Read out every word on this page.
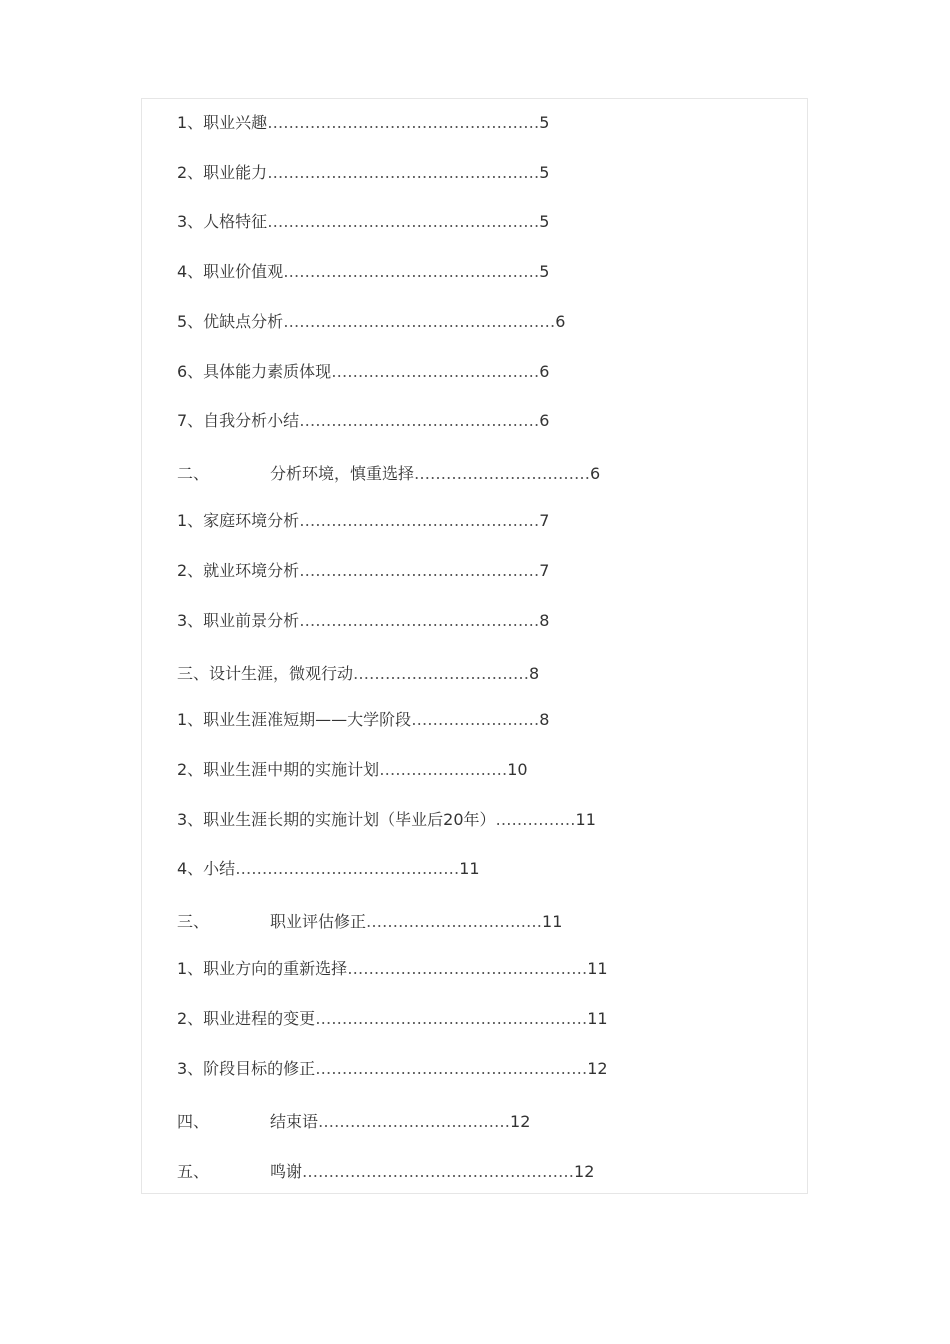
1、职业兴趣……………………………………………5
2、职业能力……………………………………………5
3、人格特征……………………………………………5
4、职业价值观…………………………………………5
5、优缺点分析……………………………………………6
6、具体能力素质体现…………………………………6
7、自我分析小结………………………………………6
二、	分析环境，慎重选择……………………………6
1、家庭环境分析………………………………………7
2、就业环境分析………………………………………7
3、职业前景分析………………………………………8
三、设计生涯，微观行动……………………………8
1、职业生涯准短期——大学阶段……………………8
2、职业生涯中期的实施计划……………………10
3、职业生涯长期的实施计划（毕业后20年）……………11
4、小结……………………………………11
三、	职业评估修正……………………………11
1、职业方向的重新选择………………………………………11
2、职业进程的变更……………………………………………11
3、阶段目标的修正……………………………………………12
四、	结束语………………………………12
五、	鸣谢……………………………………………12
